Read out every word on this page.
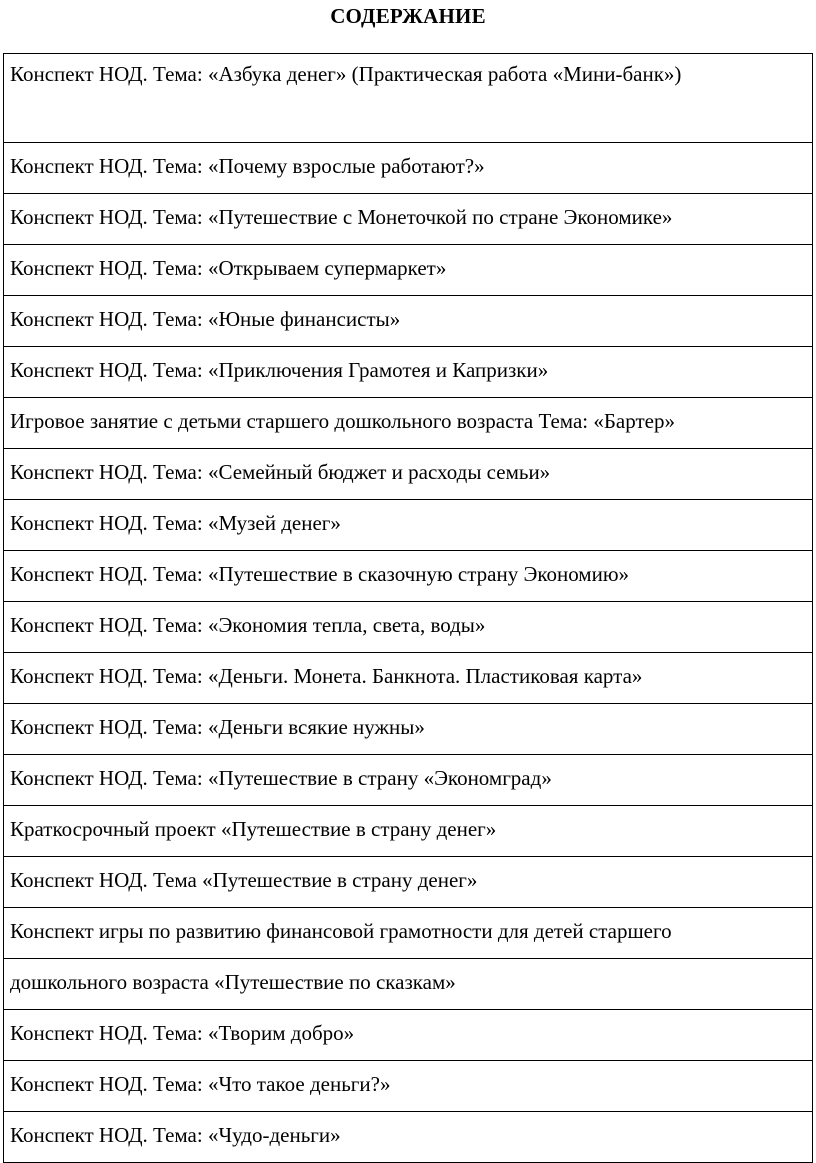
СОДЕРЖАНИЕ
Конспект НОД. Тема: «Азбука денег» (Практическая работа «Мини-банк»)
Конспект НОД. Тема: «Почему взрослые работают?»
Конспект НОД. Тема: «Путешествие с Монеточкой по стране Экономике»
Конспект НОД. Тема: «Открываем супермаркет»
Конспект НОД. Тема: «Юные финансисты»
Конспект НОД. Тема: «Приключения Грамотея и Капризки»
Игровое занятие с детьми старшего дошкольного возраста Тема: «Бартер»
Конспект НОД. Тема: «Семейный бюджет и расходы семьи»
Конспект НОД. Тема: «Музей денег»
Конспект НОД. Тема: «Путешествие в сказочную страну Экономию»
Конспект НОД. Тема: «Экономия тепла, света, воды»
Конспект НОД. Тема: «Деньги. Монета. Банкнота. Пластиковая карта»
Конспект НОД. Тема: «Деньги всякие нужны»
Конспект НОД. Тема: «Путешествие в страну «Экономград»
Краткосрочный проект «Путешествие в страну денег»
Конспект НОД. Тема «Путешествие в страну денег»
Конспект игры по развитию финансовой грамотности для детей старшего
дошкольного возраста «Путешествие по сказкам»
Конспект НОД. Тема: «Творим добро»
Конспект НОД. Тема: «Что такое деньги?»
Конспект НОД. Тема: «Чудо-деньги»
